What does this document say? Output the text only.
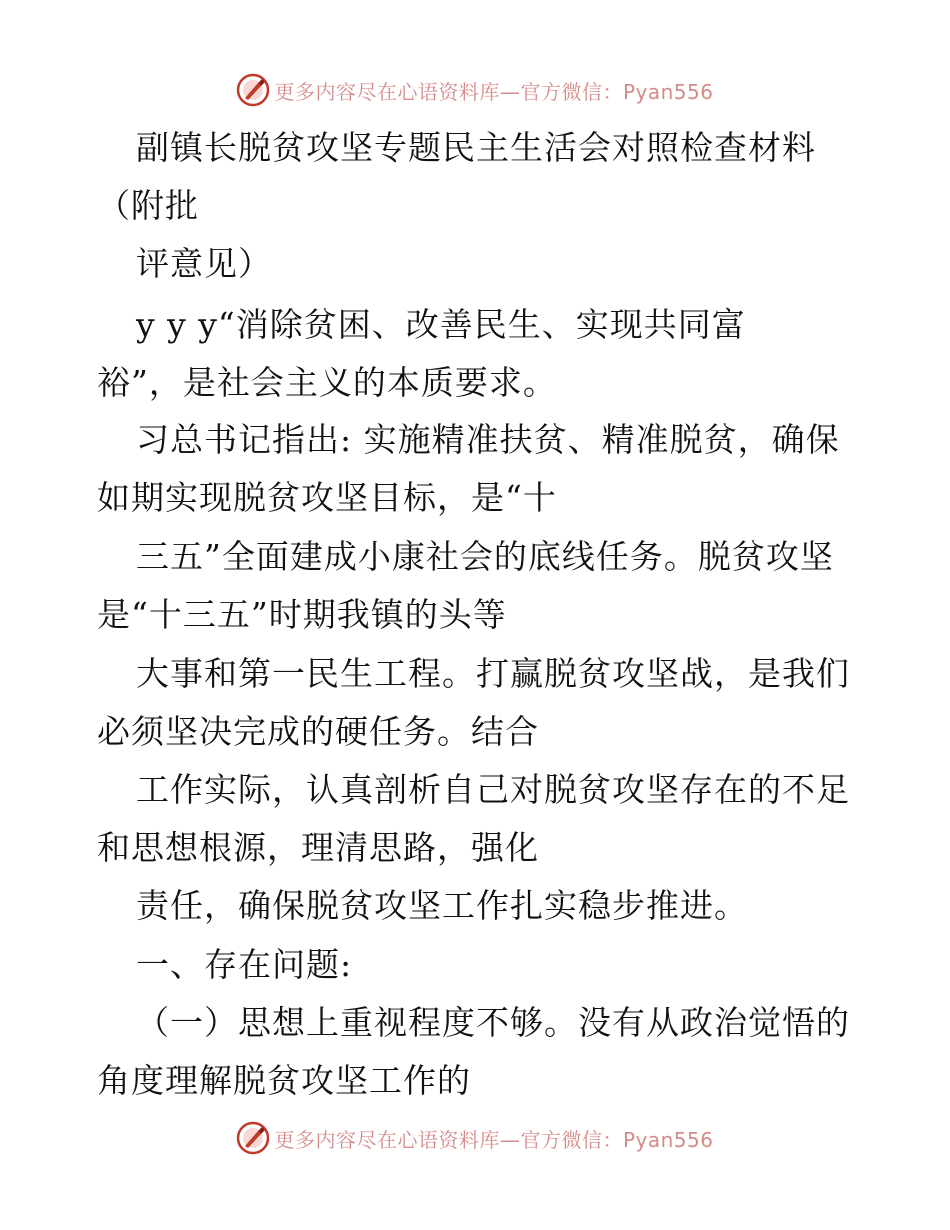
更多内容尽在心语资料库—官方微信：Pyan556
副镇长脱贫攻坚专题民主生活会对照检查材料
（附批
评意见）
y y y“消除贫困、改善民生、实现共同富
裕”，是社会主义的本质要求。
习总书记指出: 实施精准扶贫、精准脱贫，确保
如期实现脱贫攻坚目标，是“十
三五”全面建成小康社会的底线任务。脱贫攻坚
是“十三五”时期我镇的头等
大事和第一民生工程。打赢脱贫攻坚战，是我们
必须坚决完成的硬任务。结合
工作实际，认真剖析自己对脱贫攻坚存在的不足
和思想根源，理清思路，强化
责任，确保脱贫攻坚工作扎实稳步推进。
一、存在问题:
（一）思想上重视程度不够。没有从政治觉悟的
角度理解脱贫攻坚工作的
更多内容尽在心语资料库—官方微信：Pyan556
